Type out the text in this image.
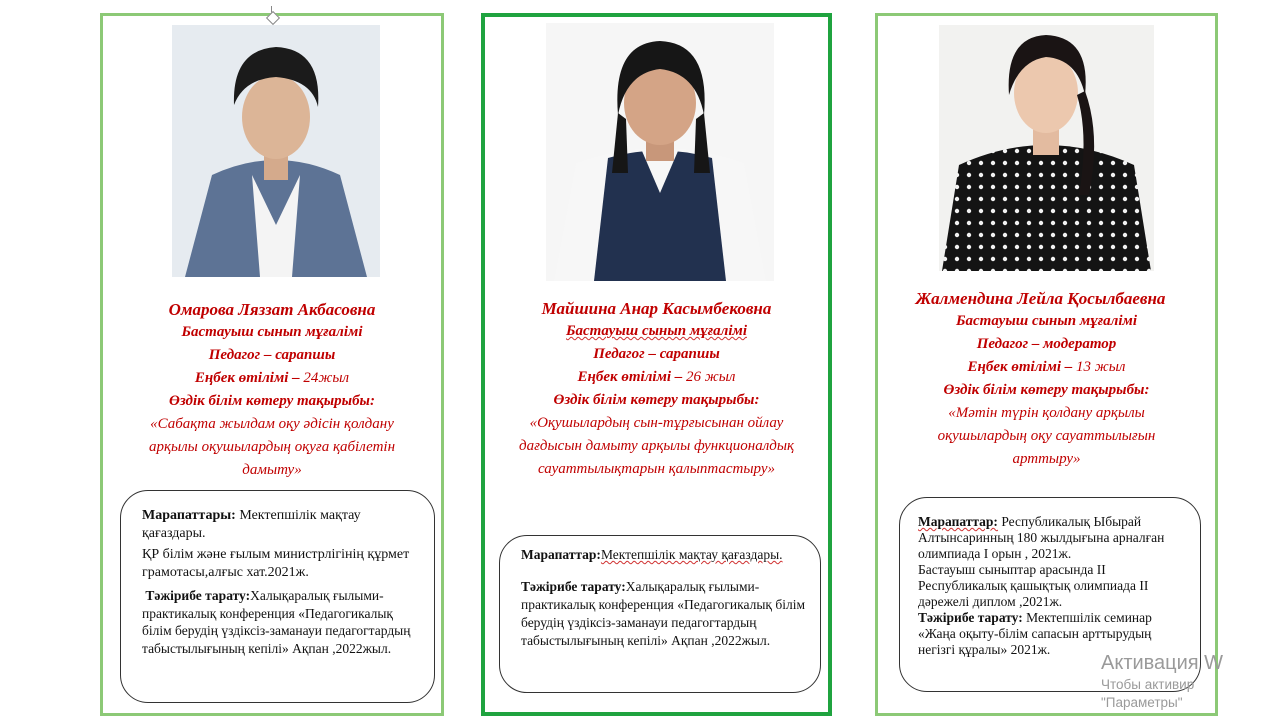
Омарова Ляззат Акбасовна
Бастауыш сынып мұғалімі
Педагог – сарапшы
Еңбек өтілімі – 24жыл
Өздік білім көтеру тақырыбы:
«Сабақта жылдам оқу әдісін қолдану
арқылы оқушылардың оқуға қабілетін
дамыту»

Марапаттары: Мектепшілік мақтау қағаздары.

ҚР білім және ғылым министрлігінің құрмет грамотасы,алғыс хат.2021ж.

Тәжірибе тарату:Халықаралық ғылыми-практикалық конференция «Педагогикалық білім берудің үздіксіз-заманауи педагогтардың табыстылығының кепілі» Ақпан ,2022жыл.

Майшина Анар Касымбековна
Бастауыш сынып мұғалімі
Педагог – сарапшы
Еңбек өтілімі – 26 жыл
Өздік білім көтеру тақырыбы:
«Оқушылардың сын-тұрғысынан ойлау
дағдысын дамыту арқылы функционалдық
сауаттылықтарын қалыптастыру»

Марапаттар:Мектепшілік мақтау қағаздары.

Тәжірибе тарату:Халықаралық ғылыми-практикалық конференция «Педагогикалық білім берудің үздіксіз-заманауи педагогтардың табыстылығының кепілі» Ақпан ,2022жыл.

Жалмендина Лейла Қосылбаевна
Бастауыш сынып мұғалімі
Педагог – модератор
Еңбек өтілімі – 13 жыл
Өздік білім көтеру тақырыбы:
«Мәтін түрін қолдану арқылы
оқушылардың оқу сауаттылығын
арттыру»

Марапаттар: Республикалық Ыбырай Алтынсаринның 180 жылдығына арналған олимпиада I орын , 2021ж.

Бастауыш сыныптар арасында II Республикалық қашықтық олимпиада II дәрежелі диплом ,2021ж.

Тәжірибе тарату: Мектепшілік семинар «Жаңа оқыту-білім сапасын арттырудың негізгі құралы» 2021ж.

Активация W
Чтобы активир
"Параметры"
